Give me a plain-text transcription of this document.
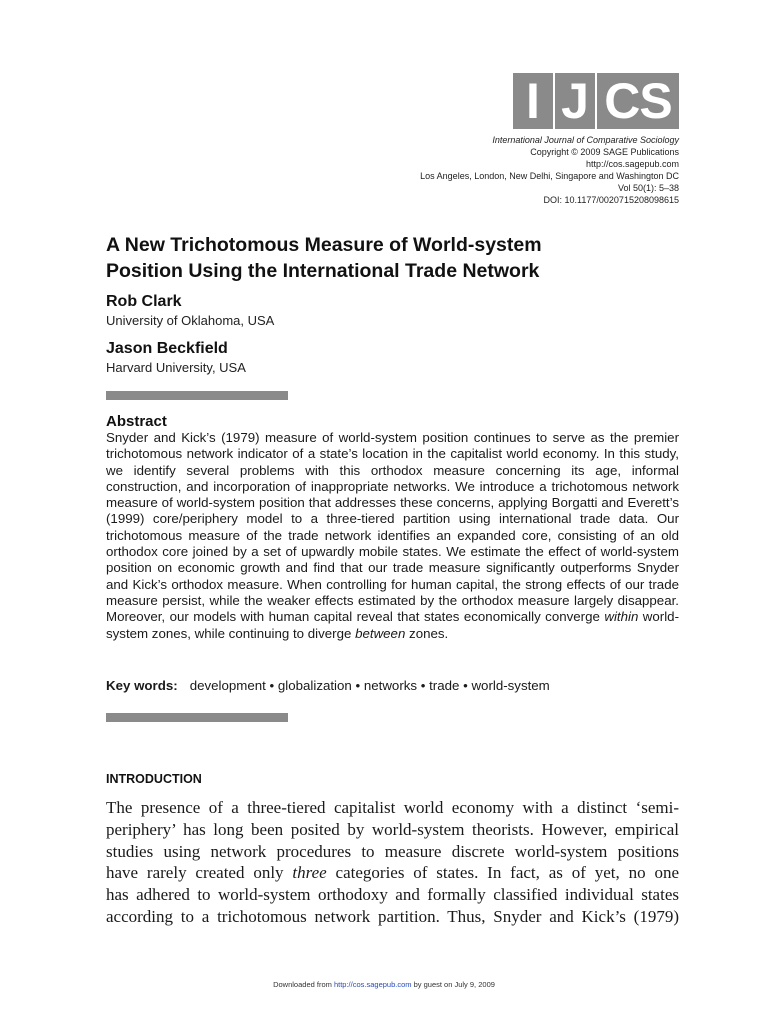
I J CS
International Journal of Comparative Sociology
Copyright © 2009 SAGE Publications
http://cos.sagepub.com
Los Angeles, London, New Delhi, Singapore and Washington DC
Vol 50(1): 5–38
DOI: 10.1177/0020715208098615
A New Trichotomous Measure of World-system
Position Using the International Trade Network
Rob Clark
University of Oklahoma, USA
Jason Beckfield
Harvard University, USA
Abstract

Snyder and Kick’s (1979) measure of world-system position continues to serve as the premier trichotomous network indicator of a state’s location in the capitalist world economy. In this study, we identify several problems with this orthodox measure concerning its age, informal construction, and incorporation of inappropriate networks. We introduce a trichotomous network measure of world-system position that addresses these concerns, applying Borgatti and Everett’s (1999) core/periphery model to a three-tiered partition using international trade data. Our trichotomous measure of the trade network identifies an expanded core, consisting of an old orthodox core joined by a set of upwardly mobile states. We estimate the effect of world-system position on economic growth and find that our trade measure significantly outperforms Snyder and Kick’s orthodox measure. When controlling for human capital, the strong effects of our trade measure persist, while the weaker effects estimated by the orthodox measure largely disappear. Moreover, our models with human capital reveal that states economically converge within world-system zones, while continuing to diverge between zones.

Key words: development • globalization • networks • trade • world-system
INTRODUCTION
The presence of a three-tiered capitalist world economy with a distinct ‘semi-
periphery’ has long been posited by world-system theorists. However, empirical
studies using network procedures to measure discrete world-system positions
have rarely created only three categories of states. In fact, as of yet, no one
has adhered to world-system orthodoxy and formally classified individual states
according to a trichotomous network partition. Thus, Snyder and Kick’s (1979)
Downloaded from http://cos.sagepub.com by guest on July 9, 2009
